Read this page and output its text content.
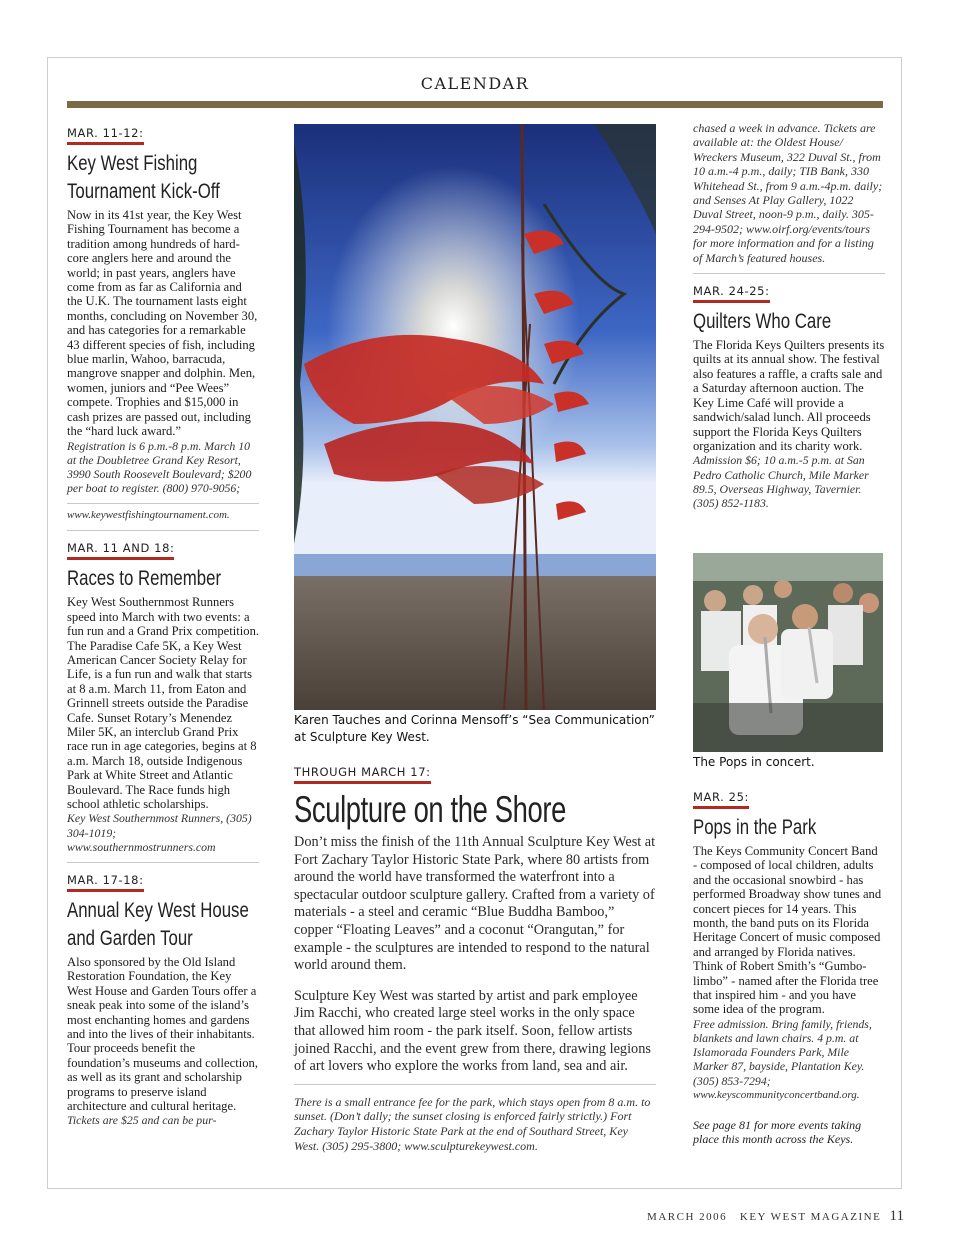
CALENDAR
MAR. 11-12:
Key West Fishing Tournament Kick-Off

Now in its 41st year, the Key West Fishing Tournament has become a tradition among hundreds of hard-core anglers here and around the world; in past years, anglers have come from as far as California and the U.K. The tournament lasts eight months, concluding on November 30, and has categories for a remarkable 43 different species of fish, including blue marlin, Wahoo, barracuda, mangrove snapper and dolphin. Men, women, juniors and “Pee Wees” compete. Trophies and $15,000 in cash prizes are passed out, including the “hard luck award.”

Registration is 6 p.m.-8 p.m. March 10 at the Doubletree Grand Key Resort, 3990 South Roosevelt Boulevard; $200 per boat to register. (800) 970-9056;

www.keywestfishingtournament.com.

MAR. 11 AND 18:
Races to Remember

Key West Southernmost Runners speed into March with two events: a fun run and a Grand Prix competition. The Paradise Cafe 5K, a Key West American Cancer Society Relay for Life, is a fun run and walk that starts at 8 a.m. March 11, from Eaton and Grinnell streets outside the Paradise Cafe. Sunset Rotary’s Menendez Miler 5K, an interclub Grand Prix race run in age categories, begins at 8 a.m. March 18, outside Indigenous Park at White Street and Atlantic Boulevard. The Race funds high school athletic scholarships.

Key West Southernmost Runners, (305) 304-1019; www.southernmostrunners.com

MAR. 17-18:
Annual Key West House and Garden Tour

Also sponsored by the Old Island Restoration Foundation, the Key West House and Garden Tours offer a sneak peak into some of the island’s most enchanting homes and gardens and into the lives of their inhabitants. Tour proceeds benefit the foundation’s museums and collection, as well as its grant and scholarship programs to preserve island architecture and cultural heritage.

Tickets are $25 and can be pur-

Karen Tauches and Corinna Mensoff’s “Sea Communication” at Sculpture Key West.
THROUGH MARCH 17:
Sculpture on the Shore

Don’t miss the finish of the 11th Annual Sculpture Key West at Fort Zachary Taylor Historic State Park, where 80 artists from around the world have transformed the waterfront into a spectacular outdoor sculpture gallery. Crafted from a variety of materials - a steel and ceramic “Blue Buddha Bamboo,” copper “Floating Leaves” and a coconut “Orangutan,” for example - the sculptures are intended to respond to the natural world around them.

Sculpture Key West was started by artist and park employee Jim Racchi, who created large steel works in the only space that allowed him room - the park itself. Soon, fellow artists joined Racchi, and the event grew from there, drawing legions of art lovers who explore the works from land, sea and air.

There is a small entrance fee for the park, which stays open from 8 a.m. to sunset. (Don’t dally; the sunset closing is enforced fairly strictly.) Fort Zachary Taylor Historic State Park at the end of Southard Street, Key West. (305) 295-3800; www.sculpturekeywest.com.

chased a week in advance. Tickets are available at: the Oldest House/ Wreckers Museum, 322 Duval St., from 10 a.m.-4 p.m., daily; TIB Bank, 330 Whitehead St., from 9 a.m.-4p.m. daily; and Senses At Play Gallery, 1022 Duval Street, noon-9 p.m., daily. 305-294-9502; www.oirf.org/events/tours for more information and for a listing of March’s featured houses.

MAR. 24-25:
Quilters Who Care

The Florida Keys Quilters presents its quilts at its annual show. The festival also features a raffle, a crafts sale and a Saturday afternoon auction. The Key Lime Café will provide a sandwich/salad lunch. All proceeds support the Florida Keys Quilters organization and its charity work.

Admission $6; 10 a.m.-5 p.m. at San Pedro Catholic Church, Mile Marker 89.5, Overseas Highway, Tavernier. (305) 852-1183.

The Pops in concert.
MAR. 25:
Pops in the Park

The Keys Community Concert Band - composed of local children, adults and the occasional snowbird - has performed Broadway show tunes and concert pieces for 14 years. This month, the band puts on its Florida Heritage Concert of music composed and arranged by Florida natives. Think of Robert Smith’s “Gumbo-limbo” - named after the Florida tree that inspired him - and you have some idea of the program.

Free admission. Bring family, friends, blankets and lawn chairs. 4 p.m. at Islamorada Founders Park, Mile Marker 87, bayside, Plantation Key. (305) 853-7294;

www.keyscommunityconcertband.org.

See page 81 for more events taking place this month across the Keys.

MARCH 2006 KEY WEST MAGAZINE 11
